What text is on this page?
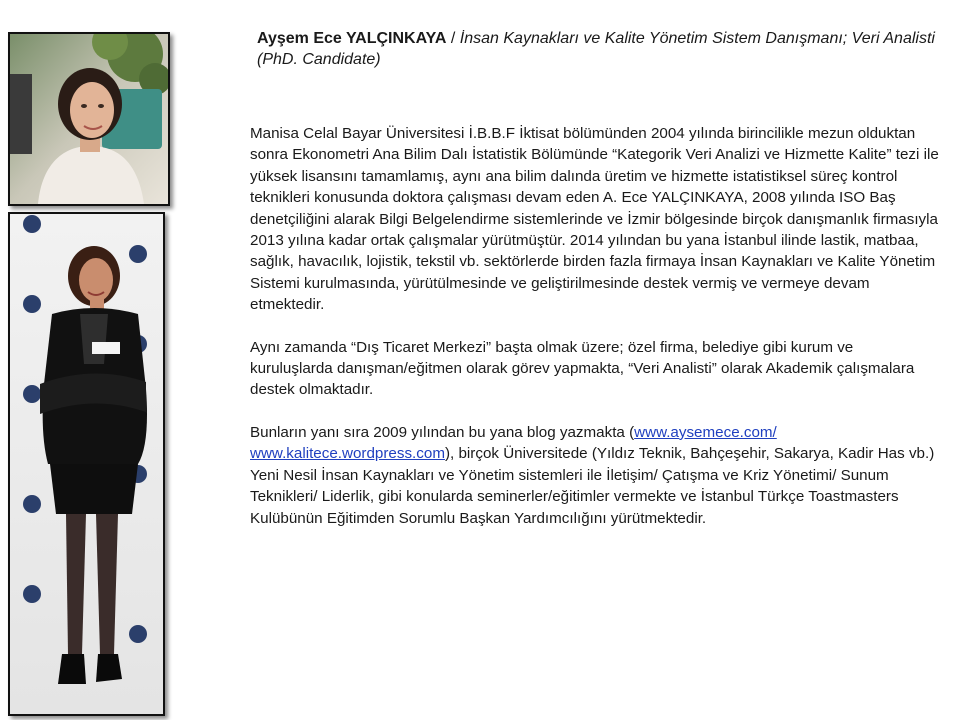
Ayşem Ece YALÇINKAYA / İnsan Kaynakları ve Kalite Yönetim Sistem Danışmanı; Veri Analisti (PhD. Candidate)

Manisa Celal Bayar Üniversitesi İ.B.B.F İktisat bölümünden 2004 yılında birincilikle mezun olduktan sonra Ekonometri Ana Bilim Dalı İstatistik Bölümünde “Kategorik Veri Analizi ve Hizmette Kalite” tezi ile yüksek lisansını tamamlamış, aynı ana bilim dalında üretim ve hizmette istatistiksel süreç kontrol teknikleri konusunda doktora çalışması devam eden A. Ece YALÇINKAYA, 2008 yılında ISO Baş denetçiliğini alarak Bilgi Belgelendirme sistemlerinde ve İzmir bölgesinde birçok danışmanlık firmasıyla 2013 yılına kadar ortak çalışmalar yürütmüştür. 2014 yılından bu yana İstanbul ilinde lastik, matbaa, sağlık, havacılık, lojistik, tekstil vb. sektörlerde birden fazla firmaya İnsan Kaynakları ve Kalite Yönetim Sistemi kurulmasında, yürütülmesinde ve geliştirilmesinde destek vermiş ve vermeye devam etmektedir.

Aynı zamanda “Dış Ticaret Merkezi” başta olmak üzere; özel firma, belediye gibi kurum ve kuruluşlarda danışman/eğitmen olarak görev yapmakta, “Veri Analisti” olarak Akademik çalışmalara destek olmaktadır.

Bunların yanı sıra 2009 yılından bu yana blog yazmakta (www.aysemece.com/ www.kalitece.wordpress.com), birçok Üniversitede (Yıldız Teknik, Bahçeşehir, Sakarya, Kadir Has vb.) Yeni Nesil İnsan Kaynakları ve Yönetim sistemleri ile İletişim/ Çatışma ve Kriz Yönetimi/ Sunum Teknikleri/ Liderlik, gibi konularda seminerler/eğitimler vermekte ve İstanbul Türkçe Toastmasters Kulübünün Eğitimden Sorumlu Başkan Yardımcılığını yürütmektedir.
